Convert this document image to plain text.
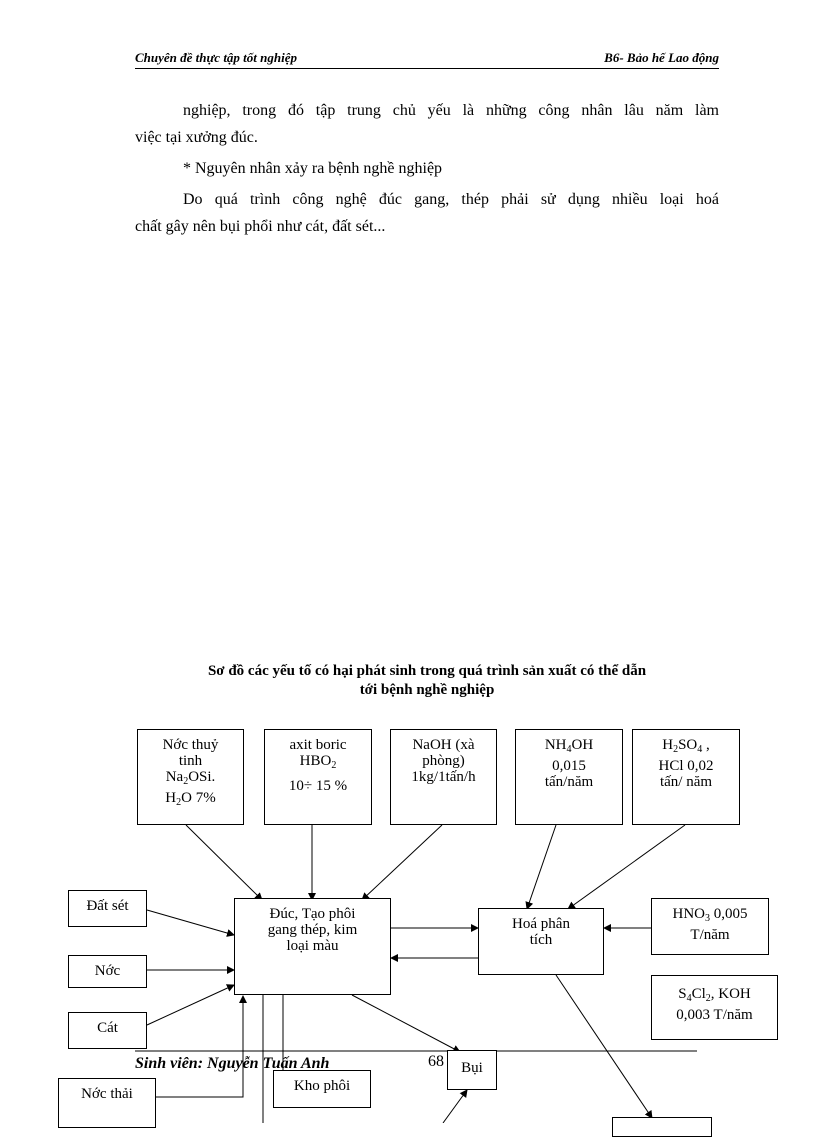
Chuyên đề thực tập tốt nghiệp	B6- Bảo hế Lao động

nghiệp, trong đó tập trung chủ yếu là những công nhân lâu năm làm

việc tại xưởng đúc.

* Nguyên nhân xảy ra bệnh nghề nghiệp

Do quá trình công nghệ đúc gang, thép phải sử dụng nhiều loại hoá

chất gây nên bụi phổi như cát, đất sét...

Sơ đồ các yếu tố có hại phát sinh trong quá trình sản xuất có thể dẫn
tới bệnh nghề nghiệp
Nớc thuỷ
tinh
$Na_2OSi$.
$H_2O$ 7%
axit boric
$HBO_2$
10÷ 15 %
NaOH (xà
phòng)
1kg/1tấn/h
$NH_4OH$
0,015
tấn/năm
$H_2SO_4$ ,
HCl 0,02
tấn/ năm
Đất sét
Nớc
Cát
Nớc thải
Đúc, Tạo phôi
gang thép, kim
loại màu
Hoá phân
tích
$HNO_3$ 0,005
T/năm
$S_4Cl_2$, KOH
0,003 T/năm
Kho phôi
Bụi
Sinh viên: Nguyễn Tuấn Anh	68
